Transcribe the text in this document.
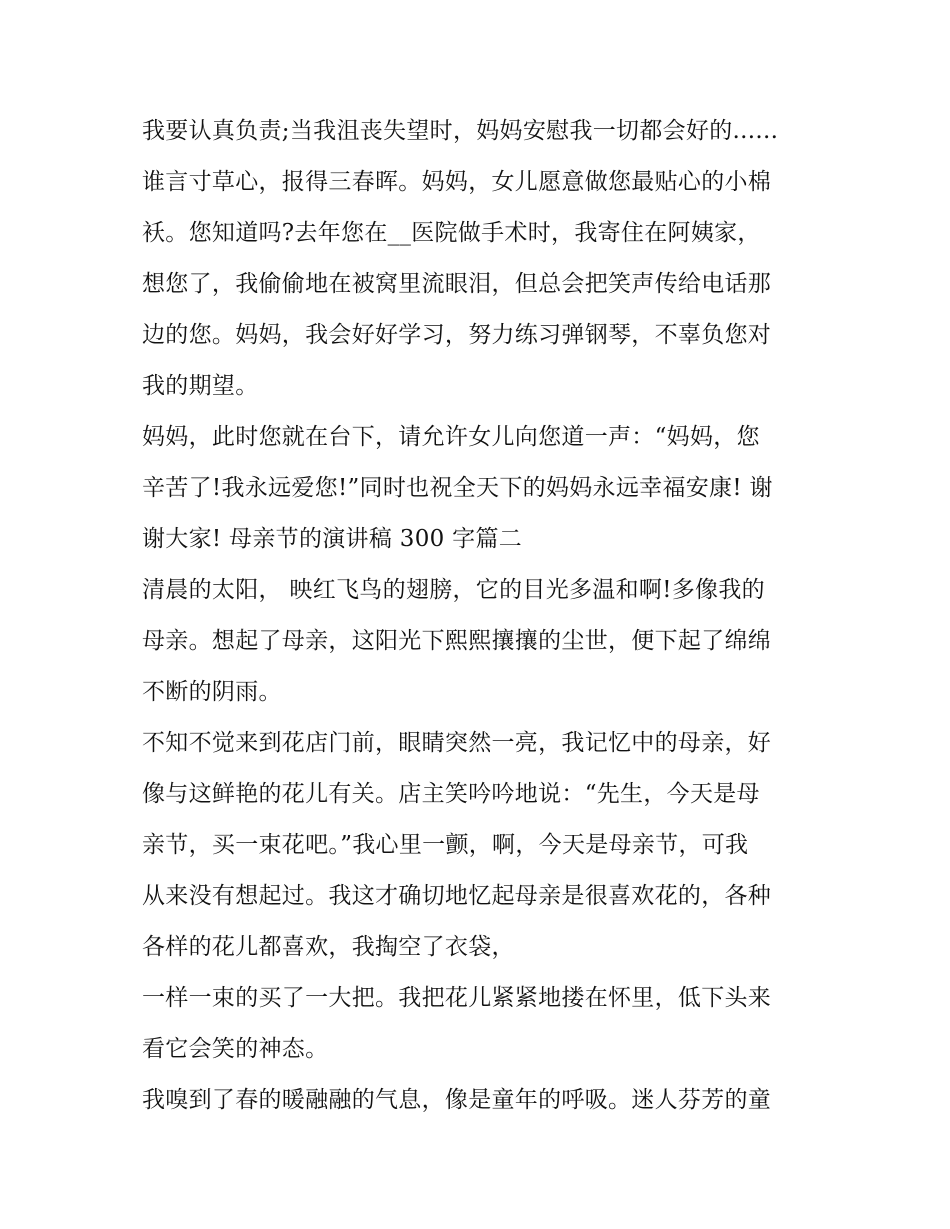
我要认真负责;当我沮丧失望时，妈妈安慰我一切都会好的......
谁言寸草心，报得三春晖。妈妈，女儿愿意做您最贴心的小棉
袄。您知道吗?去年您在__医院做手术时，我寄住在阿姨家，
想您了，我偷偷地在被窝里流眼泪，但总会把笑声传给电话那
边的您。妈妈，我会好好学习，努力练习弹钢琴，不辜负您对
我的期望。
妈妈，此时您就在台下，请允许女儿向您道一声：“妈妈，您
辛苦了!我永远爱您!”同时也祝全天下的妈妈永远幸福安康! 谢
谢大家! 母亲节的演讲稿 300 字篇二
清晨的太阳， 映红飞鸟的翅膀，它的目光多温和啊!多像我的
母亲。想起了母亲，这阳光下熙熙攘攘的尘世，便下起了绵绵
不断的阴雨。
不知不觉来到花店门前，眼睛突然一亮，我记忆中的母亲，好
像与这鲜艳的花儿有关。店主笑吟吟地说：“先生，今天是母
亲节，买一束花吧。”我心里一颤，啊，今天是母亲节，可我
从来没有想起过。我这才确切地忆起母亲是很喜欢花的，各种
各样的花儿都喜欢，我掏空了衣袋，
一样一束的买了一大把。我把花儿紧紧地搂在怀里，低下头来
看它会笑的神态。
我嗅到了春的暖融融的气息，像是童年的呼吸。迷人芬芳的童
